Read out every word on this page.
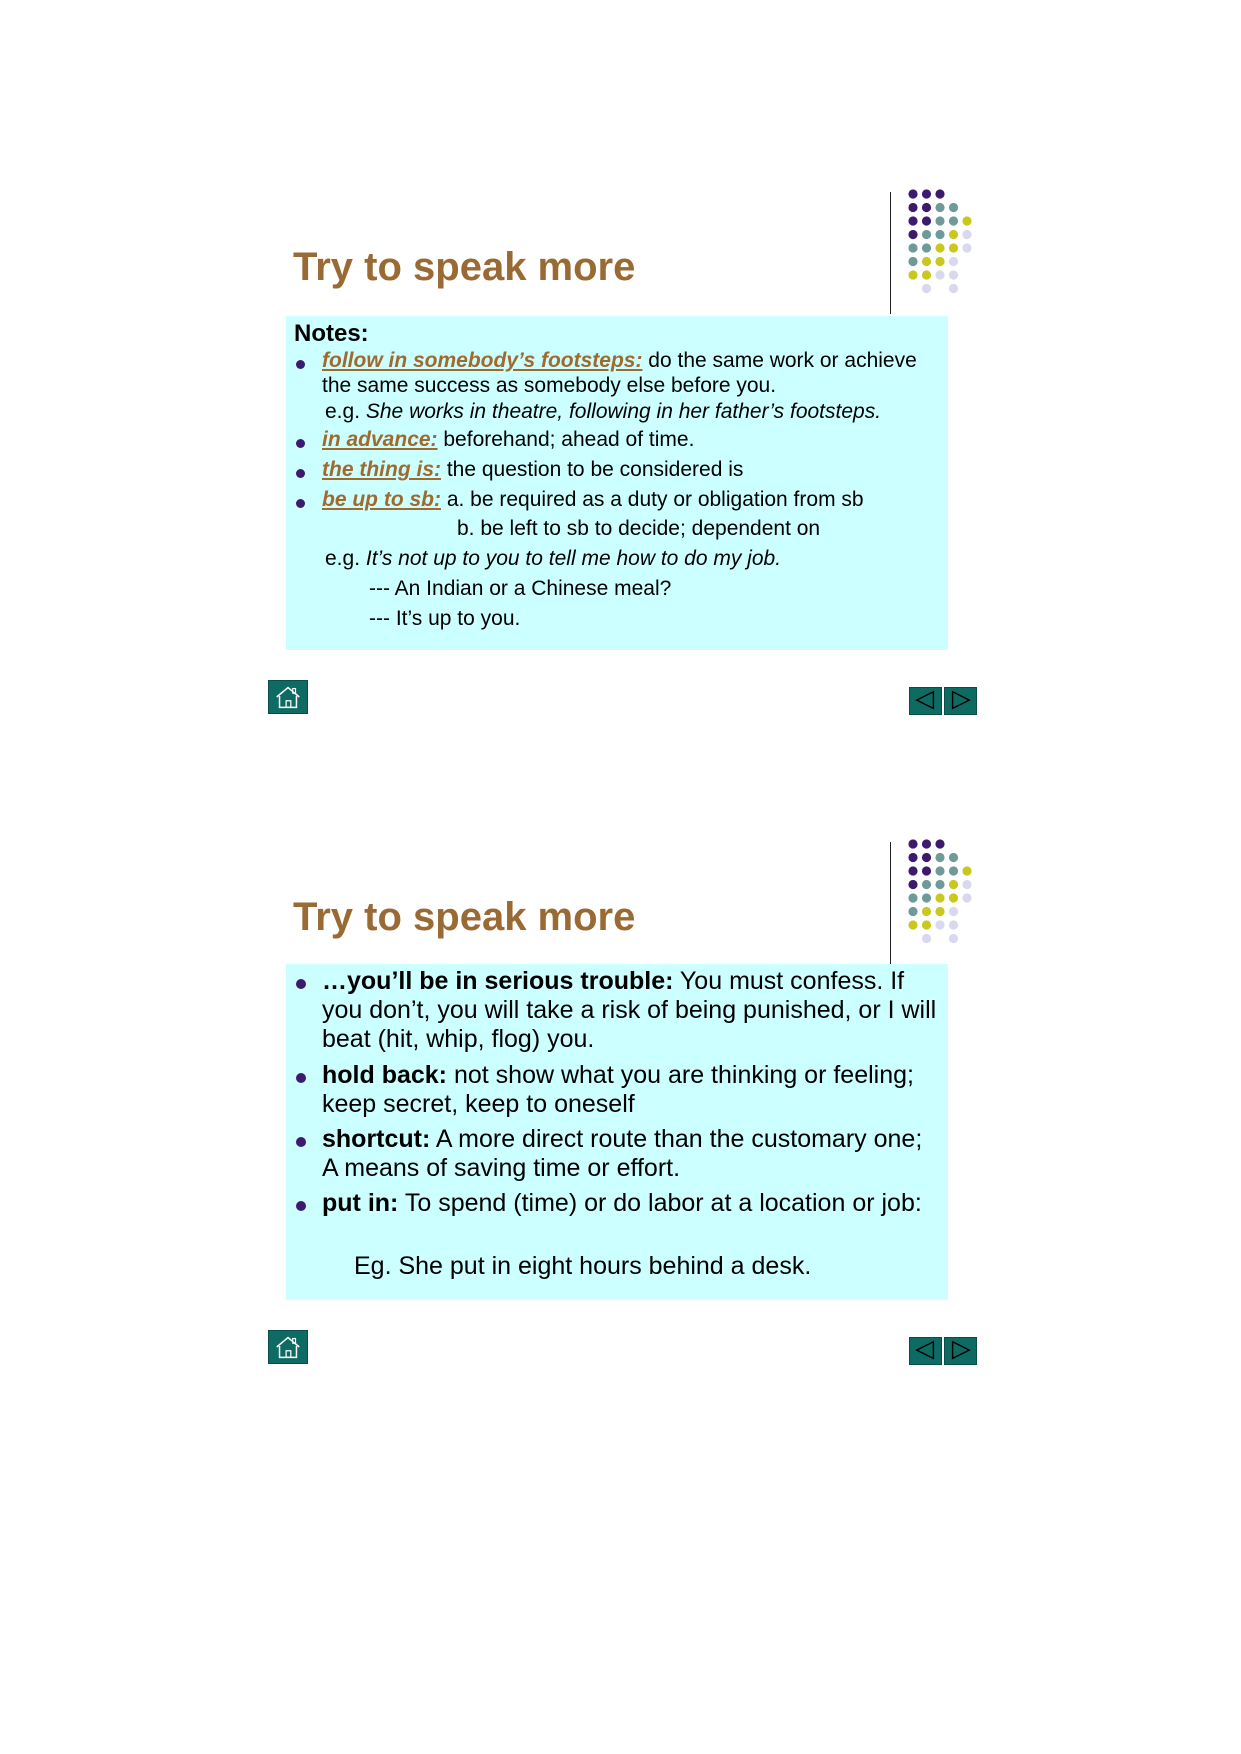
Try to speak more
Notes:
follow in somebody’s footsteps: do the same work or achieve the same success as somebody else before you.
e.g. She works in theatre, following in her father’s footsteps.
in advance: beforehand; ahead of time.
the thing is: the question to be considered is
be up to sb: a. be required as a duty or obligation from sb
b. be left to sb to decide; dependent on
e.g. It’s not up to you to tell me how to do my job.
--- An Indian or a Chinese meal?
--- It’s up to you.
Try to speak more
…you’ll be in serious trouble: You must confess. If you don’t, you will take a risk of being punished, or I will beat (hit, whip, flog) you.
hold back: not show what you are thinking or feeling; keep secret, keep to oneself
shortcut: A more direct route than the customary one; A means of saving time or effort.
put in: To spend (time) or do labor at a location or job:
Eg. She put in eight hours behind a desk.
